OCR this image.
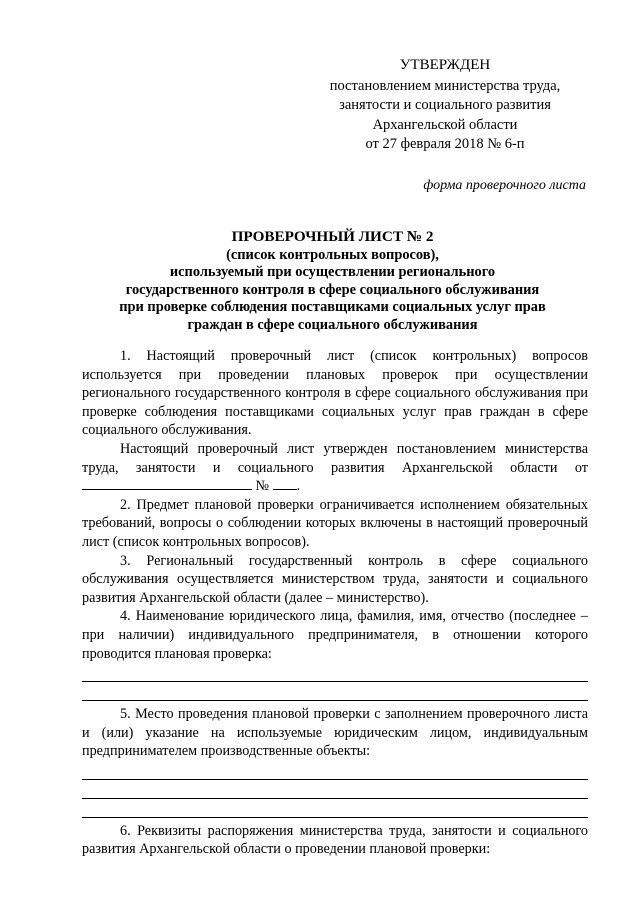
УТВЕРЖДЕН
постановлением министерства труда,
занятости и социального развития
Архангельской области
от 27 февраля 2018 № 6-п
форма проверочного листа
ПРОВЕРОЧНЫЙ ЛИСТ № 2
(список контрольных вопросов),
используемый при осуществлении регионального
государственного контроля в сфере социального обслуживания
при проверке соблюдения поставщиками социальных услуг прав
граждан в сфере социального обслуживания

1. Настоящий проверочный лист (список контрольных) вопросов используется при проведении плановых проверок при осуществлении регионального государственного контроля в сфере социального обслуживания при проверке соблюдения поставщиками социальных услуг прав граждан в сфере социального обслуживания.

Настоящий проверочный лист утвержден постановлением министерства труда, занятости и социального развития Архангельской области от  № .

2. Предмет плановой проверки ограничивается исполнением обязательных требований, вопросы о соблюдении которых включены в настоящий проверочный лист (список контрольных вопросов).

3. Региональный государственный контроль в сфере социального обслуживания осуществляется министерством труда, занятости и социального развития Архангельской области (далее – министерство).

4. Наименование юридического лица, фамилия, имя, отчество (последнее – при наличии) индивидуального предпринимателя, в отношении которого проводится плановая проверка:

5. Место проведения плановой проверки с заполнением проверочного листа и (или) указание на используемые юридическим лицом, индивидуальным предпринимателем производственные объекты:

6. Реквизиты распоряжения министерства труда, занятости и социального развития Архангельской области о проведении плановой проверки:
